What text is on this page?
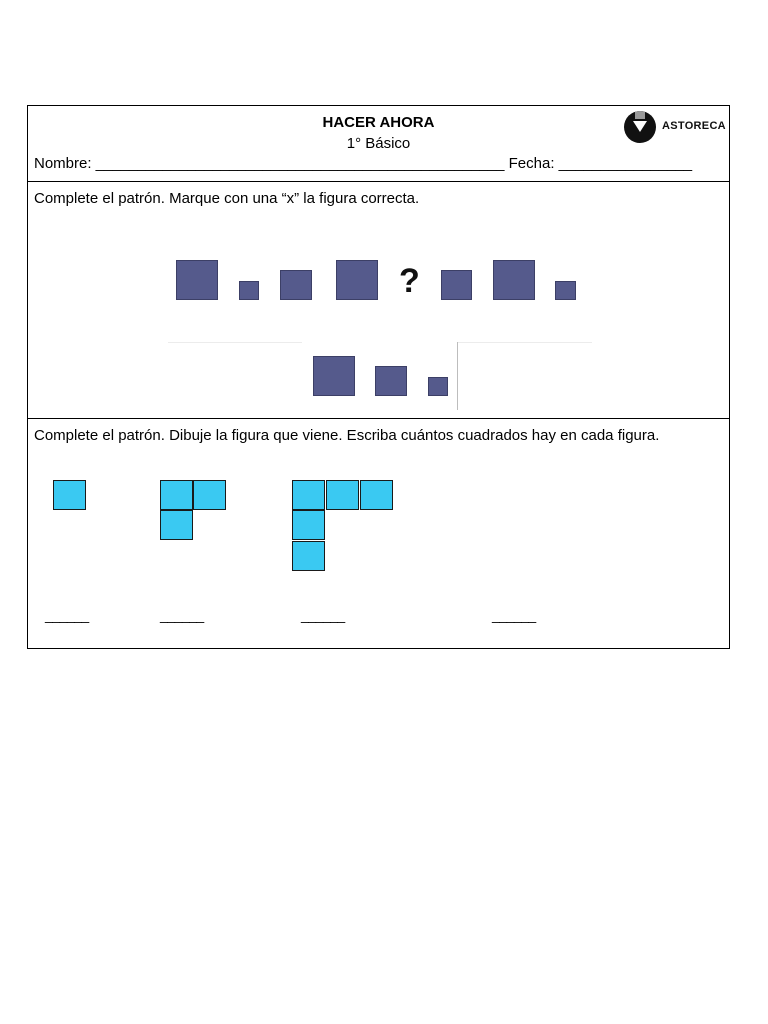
HACER AHORA
1° Básico
Nombre: _________________________________________________ Fecha: ________________
ASTORECA
Complete el patrón. Marque con una “x” la figura correcta.
?
Complete el patrón. Dibuje la figura que viene. Escriba cuántos cuadrados hay en cada figura.
______	______	______	______
